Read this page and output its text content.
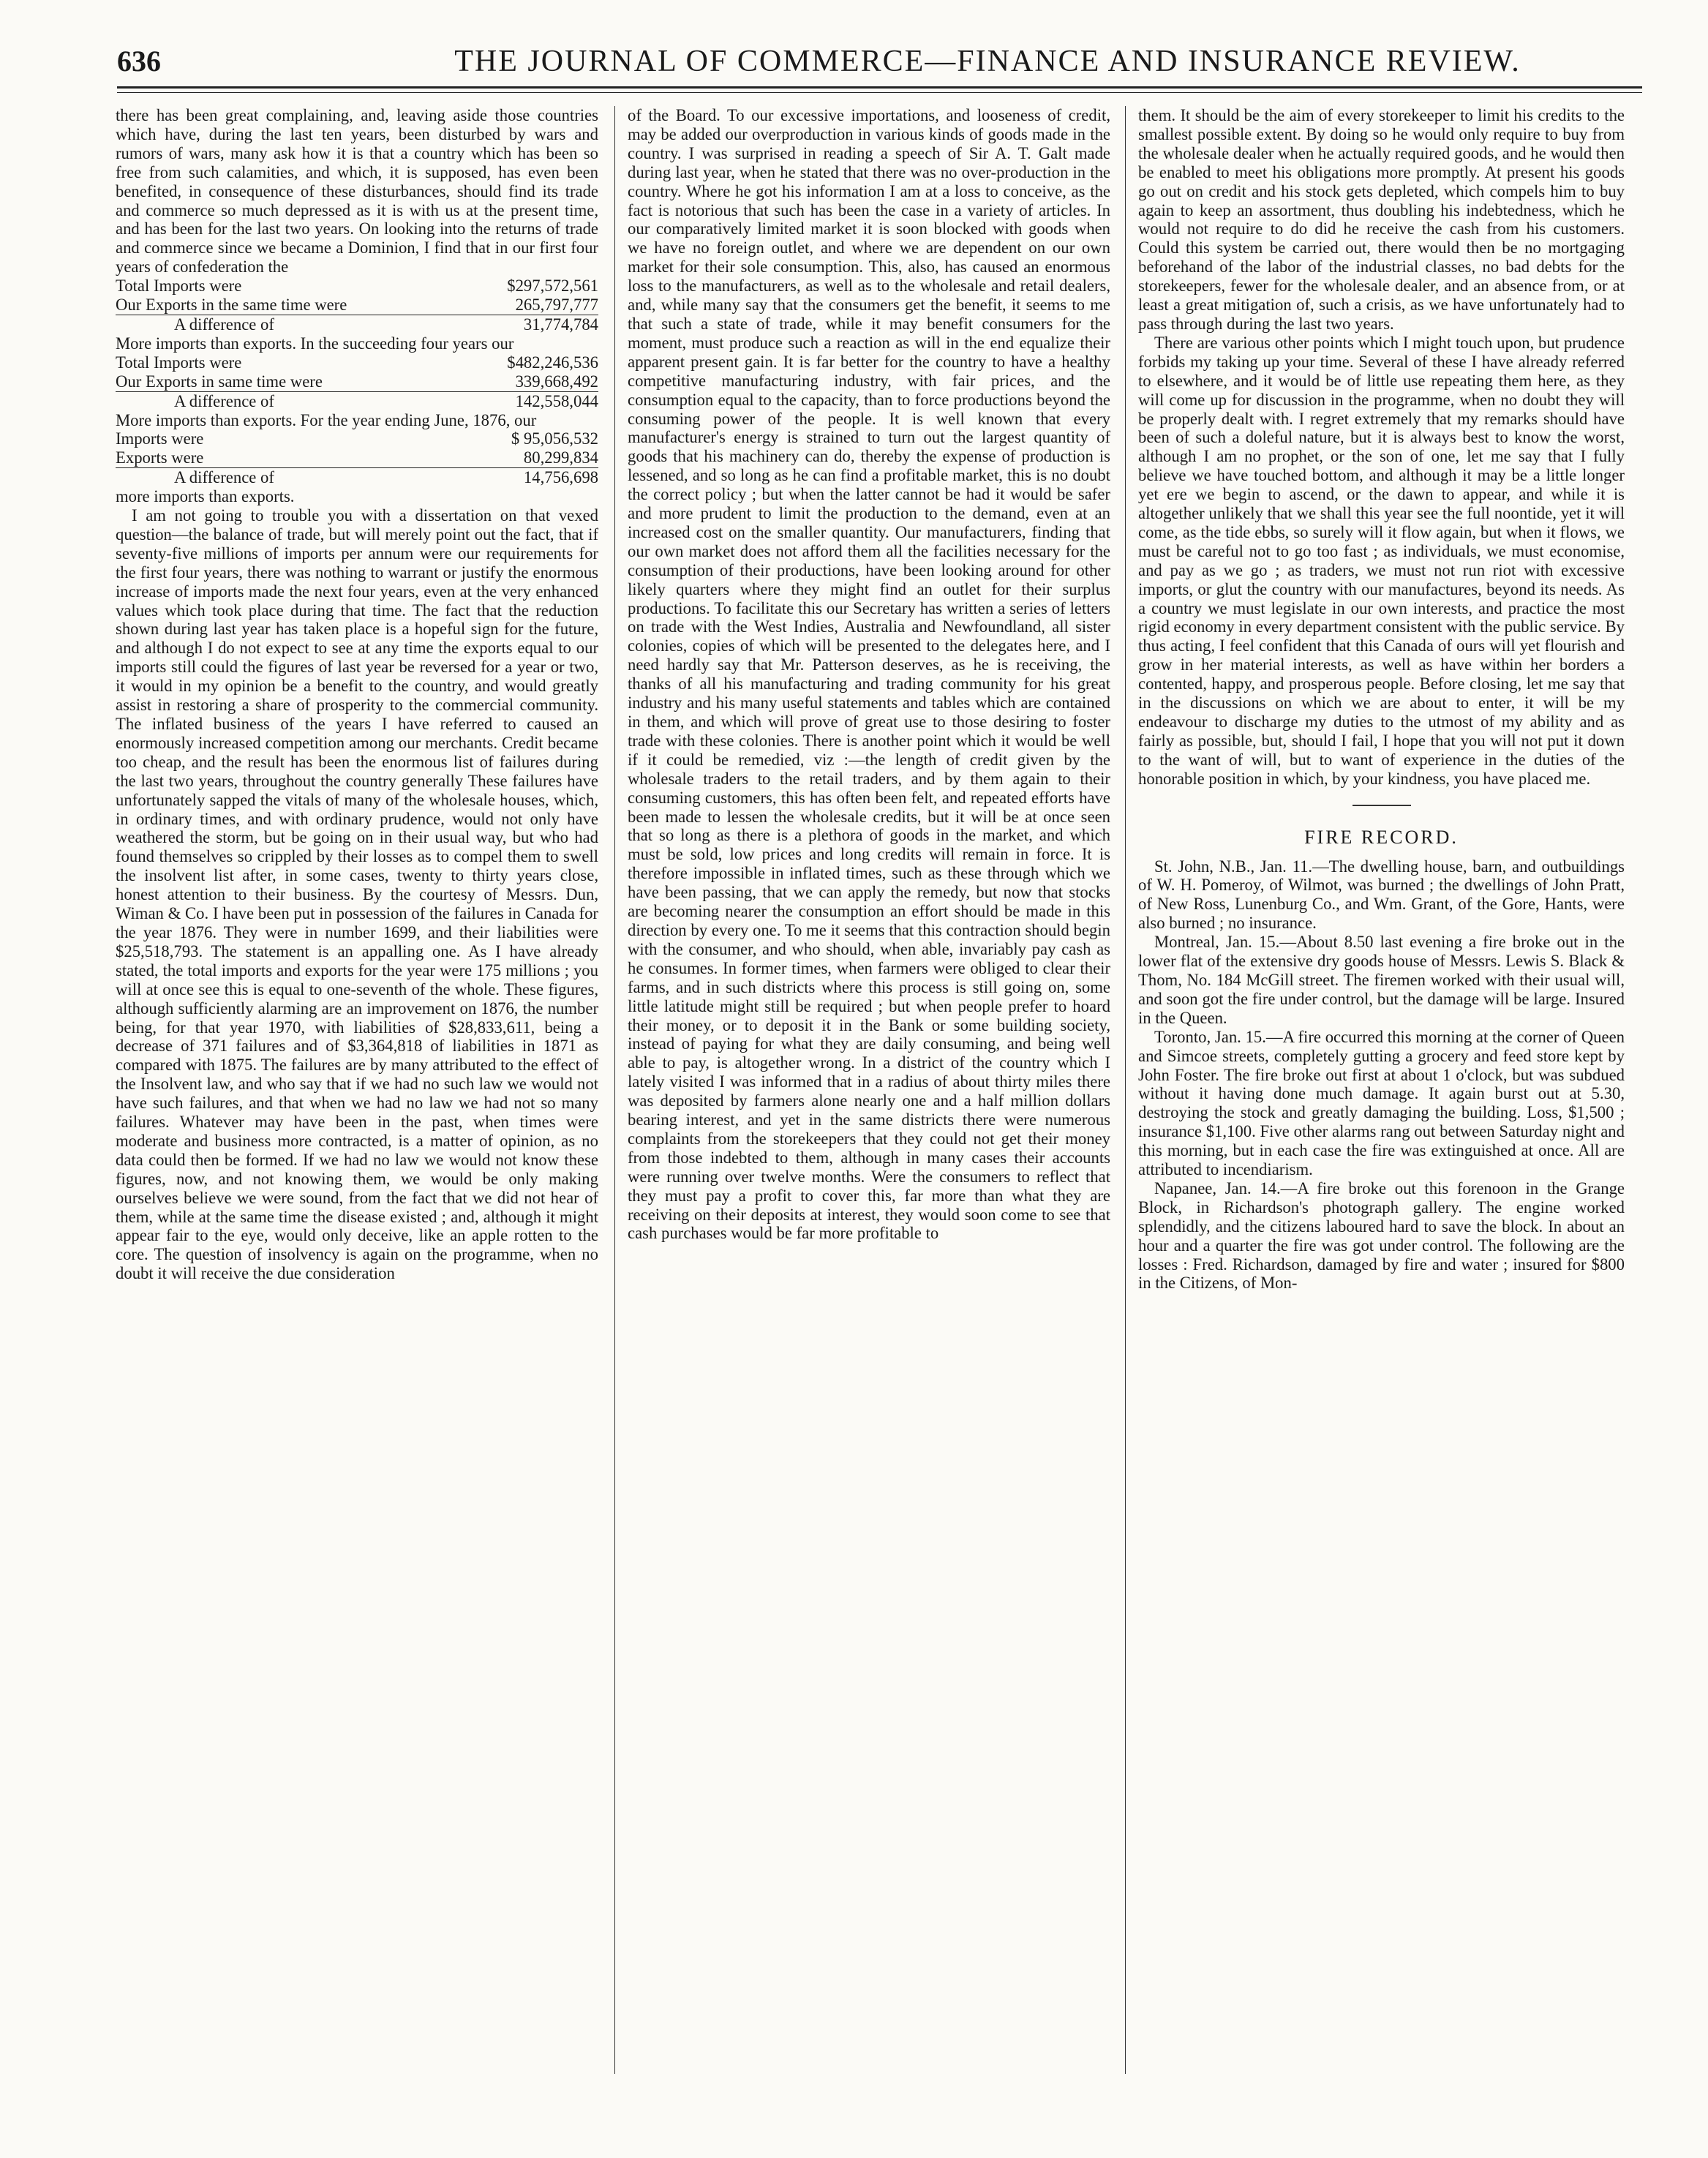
636	THE JOURNAL OF COMMERCE—FINANCE AND INSURANCE REVIEW.

there has been great complaining, and, leaving aside those countries which have, during the last ten years, been disturbed by wars and rumors of wars, many ask how it is that a country which has been so free from such calamities, and which, it is supposed, has even been benefited, in consequence of these disturbances, should find its trade and commerce so much depressed as it is with us at the present time, and has been for the last two years. On looking into the returns of trade and commerce since we became a Dominion, I find that in our first four years of confederation the

Total Imports were	$297,572,561
Our Exports in the same time were	265,797,777
A difference of	31,774,784

More imports than exports. In the succeeding four years our

Total Imports were	$482,246,536
Our Exports in same time were	339,668,492
A difference of	142,558,044

More imports than exports. For the year ending June, 1876, our

Imports were	$ 95,056,532
Exports were	80,299,834
A difference of	14,756,698

more imports than exports.

I am not going to trouble you with a dissertation on that vexed question—the balance of trade, but will merely point out the fact, that if seventy-five millions of imports per annum were our requirements for the first four years, there was nothing to warrant or justify the enormous increase of imports made the next four years, even at the very enhanced values which took place during that time. The fact that the reduction shown during last year has taken place is a hopeful sign for the future, and although I do not expect to see at any time the exports equal to our imports still could the figures of last year be reversed for a year or two, it would in my opinion be a benefit to the country, and would greatly assist in restoring a share of prosperity to the commercial community. The inflated business of the years I have referred to caused an enormously increased competition among our merchants. Credit became too cheap, and the result has been the enormous list of failures during the last two years, throughout the country generally These failures have unfortunately sapped the vitals of many of the wholesale houses, which, in ordinary times, and with ordinary prudence, would not only have weathered the storm, but be going on in their usual way, but who had found themselves so crippled by their losses as to compel them to swell the insolvent list after, in some cases, twenty to thirty years close, honest attention to their business. By the courtesy of Messrs. Dun, Wiman & Co. I have been put in possession of the failures in Canada for the year 1876. They were in number 1699, and their liabilities were $25,518,793. The statement is an appalling one. As I have already stated, the total imports and exports for the year were 175 millions ; you will at once see this is equal to one-seventh of the whole. These figures, although sufficiently alarming are an improvement on 1876, the number being, for that year 1970, with liabilities of $28,833,611, being a decrease of 371 failures and of $3,364,818 of liabilities in 1871 as compared with 1875. The failures are by many attributed to the effect of the Insolvent law, and who say that if we had no such law we would not have such failures, and that when we had no law we had not so many failures. Whatever may have been in the past, when times were moderate and business more contracted, is a matter of opinion, as no data could then be formed. If we had no law we would not know these figures, now, and not knowing them, we would be only making ourselves believe we were sound, from the fact that we did not hear of them, while at the same time the disease existed ; and, although it might appear fair to the eye, would only deceive, like an apple rotten to the core. The question of insolvency is again on the programme, when no doubt it will receive the due consideration

of the Board. To our excessive importations, and looseness of credit, may be added our overproduction in various kinds of goods made in the country. I was surprised in reading a speech of Sir A. T. Galt made during last year, when he stated that there was no over-production in the country. Where he got his information I am at a loss to conceive, as the fact is notorious that such has been the case in a variety of articles. In our comparatively limited market it is soon blocked with goods when we have no foreign outlet, and where we are dependent on our own market for their sole consumption. This, also, has caused an enormous loss to the manufacturers, as well as to the wholesale and retail dealers, and, while many say that the consumers get the benefit, it seems to me that such a state of trade, while it may benefit consumers for the moment, must produce such a reaction as will in the end equalize their apparent present gain. It is far better for the country to have a healthy competitive manufacturing industry, with fair prices, and the consumption equal to the capacity, than to force productions beyond the consuming power of the people. It is well known that every manufacturer's energy is strained to turn out the largest quantity of goods that his machinery can do, thereby the expense of production is lessened, and so long as he can find a profitable market, this is no doubt the correct policy ; but when the latter cannot be had it would be safer and more prudent to limit the production to the demand, even at an increased cost on the smaller quantity. Our manufacturers, finding that our own market does not afford them all the facilities necessary for the consumption of their productions, have been looking around for other likely quarters where they might find an outlet for their surplus productions. To facilitate this our Secretary has written a series of letters on trade with the West Indies, Australia and Newfoundland, all sister colonies, copies of which will be presented to the delegates here, and I need hardly say that Mr. Patterson deserves, as he is receiving, the thanks of all his manufacturing and trading community for his great industry and his many useful statements and tables which are contained in them, and which will prove of great use to those desiring to foster trade with these colonies. There is another point which it would be well if it could be remedied, viz :—the length of credit given by the wholesale traders to the retail traders, and by them again to their consuming customers, this has often been felt, and repeated efforts have been made to lessen the wholesale credits, but it will be at once seen that so long as there is a plethora of goods in the market, and which must be sold, low prices and long credits will remain in force. It is therefore impossible in inflated times, such as these through which we have been passing, that we can apply the remedy, but now that stocks are becoming nearer the consumption an effort should be made in this direction by every one. To me it seems that this contraction should begin with the consumer, and who should, when able, invariably pay cash as he consumes. In former times, when farmers were obliged to clear their farms, and in such districts where this process is still going on, some little latitude might still be required ; but when people prefer to hoard their money, or to deposit it in the Bank or some building society, instead of paying for what they are daily consuming, and being well able to pay, is altogether wrong. In a district of the country which I lately visited I was informed that in a radius of about thirty miles there was deposited by farmers alone nearly one and a half million dollars bearing interest, and yet in the same districts there were numerous complaints from the storekeepers that they could not get their money from those indebted to them, although in many cases their accounts were running over twelve months. Were the consumers to reflect that they must pay a profit to cover this, far more than what they are receiving on their deposits at interest, they would soon come to see that cash purchases would be far more profitable to

them. It should be the aim of every storekeeper to limit his credits to the smallest possible extent. By doing so he would only require to buy from the wholesale dealer when he actually required goods, and he would then be enabled to meet his obligations more promptly. At present his goods go out on credit and his stock gets depleted, which compels him to buy again to keep an assortment, thus doubling his indebtedness, which he would not require to do did he receive the cash from his customers. Could this system be carried out, there would then be no mortgaging beforehand of the labor of the industrial classes, no bad debts for the storekeepers, fewer for the wholesale dealer, and an absence from, or at least a great mitigation of, such a crisis, as we have unfortunately had to pass through during the last two years.

There are various other points which I might touch upon, but prudence forbids my taking up your time. Several of these I have already referred to elsewhere, and it would be of little use repeating them here, as they will come up for discussion in the programme, when no doubt they will be properly dealt with. I regret extremely that my remarks should have been of such a doleful nature, but it is always best to know the worst, although I am no prophet, or the son of one, let me say that I fully believe we have touched bottom, and although it may be a little longer yet ere we begin to ascend, or the dawn to appear, and while it is altogether unlikely that we shall this year see the full noontide, yet it will come, as the tide ebbs, so surely will it flow again, but when it flows, we must be careful not to go too fast ; as individuals, we must economise, and pay as we go ; as traders, we must not run riot with excessive imports, or glut the country with our manufactures, beyond its needs. As a country we must legislate in our own interests, and practice the most rigid economy in every department consistent with the public service. By thus acting, I feel confident that this Canada of ours will yet flourish and grow in her material interests, as well as have within her borders a contented, happy, and prosperous people. Before closing, let me say that in the discussions on which we are about to enter, it will be my endeavour to discharge my duties to the utmost of my ability and as fairly as possible, but, should I fail, I hope that you will not put it down to the want of will, but to want of experience in the duties of the honorable position in which, by your kindness, you have placed me.

FIRE RECORD.

St. John, N.B., Jan. 11.—The dwelling house, barn, and outbuildings of W. H. Pomeroy, of Wilmot, was burned ; the dwellings of John Pratt, of New Ross, Lunenburg Co., and Wm. Grant, of the Gore, Hants, were also burned ; no insurance.

Montreal, Jan. 15.—About 8.50 last evening a fire broke out in the lower flat of the extensive dry goods house of Messrs. Lewis S. Black & Thom, No. 184 McGill street. The firemen worked with their usual will, and soon got the fire under control, but the damage will be large. Insured in the Queen.

Toronto, Jan. 15.—A fire occurred this morning at the corner of Queen and Simcoe streets, completely gutting a grocery and feed store kept by John Foster. The fire broke out first at about 1 o'clock, but was subdued without it having done much damage. It again burst out at 5.30, destroying the stock and greatly damaging the building. Loss, $1,500 ; insurance $1,100. Five other alarms rang out between Saturday night and this morning, but in each case the fire was extinguished at once. All are attributed to incendiarism.

Napanee, Jan. 14.—A fire broke out this forenoon in the Grange Block, in Richardson's photograph gallery. The engine worked splendidly, and the citizens laboured hard to save the block. In about an hour and a quarter the fire was got under control. The following are the losses : Fred. Richardson, damaged by fire and water ; insured for $800 in the Citizens, of Mon-
